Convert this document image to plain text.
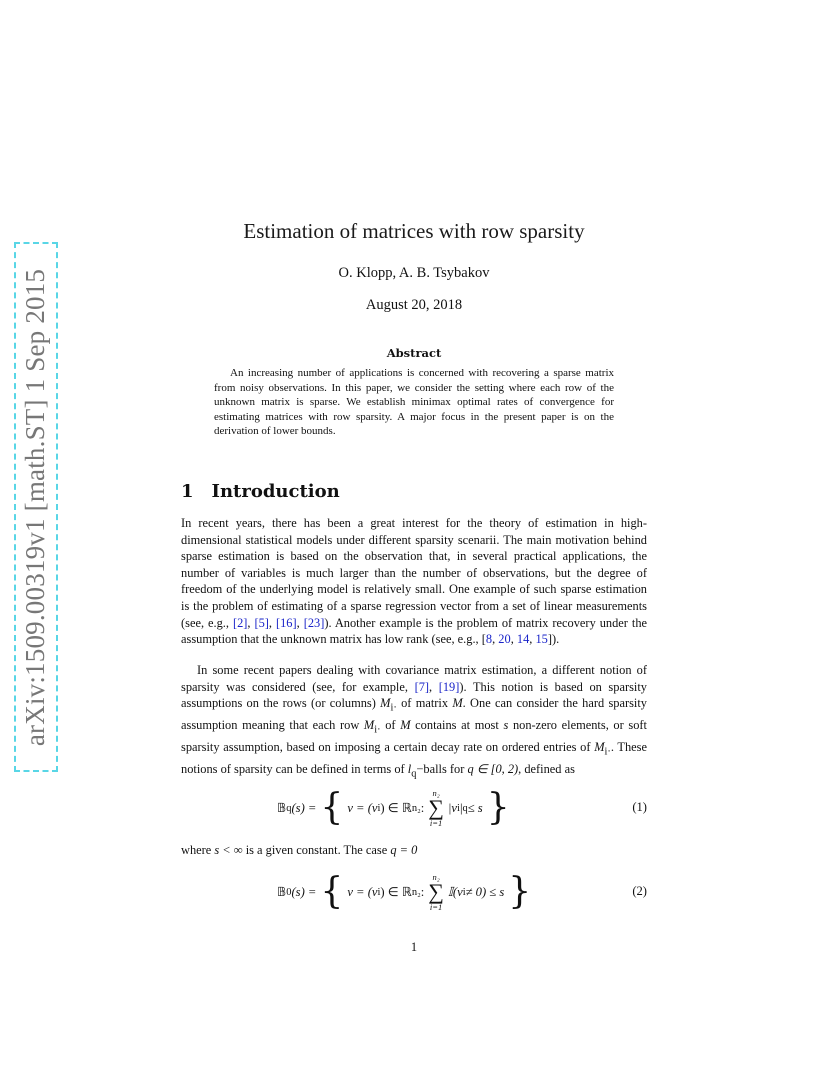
arXiv:1509.00319v1 [math.ST] 1 Sep 2015
Estimation of matrices with row sparsity
O. Klopp, A. B. Tsybakov
August 20, 2018
Abstract
An increasing number of applications is concerned with recovering a sparse matrix from noisy observations. In this paper, we consider the setting where each row of the unknown matrix is sparse. We establish minimax optimal rates of convergence for estimating matrices with row sparsity. A major focus in the present paper is on the derivation of lower bounds.
1 Introduction
In recent years, there has been a great interest for the theory of estimation in high-dimensional statistical models under different sparsity scenarii. The main motivation behind sparse estimation is based on the observation that, in several practical applications, the number of variables is much larger than the number of observations, but the degree of freedom of the underlying model is relatively small. One example of such sparse estimation is the problem of estimating of a sparse regression vector from a set of linear measurements (see, e.g., [2], [5], [16], [23]). Another example is the problem of matrix recovery under the assumption that the unknown matrix has low rank (see, e.g., [8, 20, 14, 15]).
In some recent papers dealing with covariance matrix estimation, a different notion of sparsity was considered (see, for example, [7], [19]). This notion is based on sparsity assumptions on the rows (or columns) $M_{i\cdot}$ of matrix M. One can consider the hard sparsity assumption meaning that each row $M_{i\cdot}$ of M contains at most s non-zero elements, or soft sparsity assumption, based on imposing a certain decay rate on ordered entries of $M_{i\cdot}$. These notions of sparsity can be defined in terms of $l_q-balls$ for q ∈ [0, 2), defined as
𝔹 q (s) = { v = (v i ) ∈ ℝ n₂ :
n₂
∑
i=1
|v i | q ≤ s }	(1)
where s < ∞ is a given constant. The case q = 0
𝔹 0 (s) = { v = (v i ) ∈ ℝ n₂ :
n₂
∑
i=1
𝕀(v i ≠ 0) ≤ s }	(2)
1
